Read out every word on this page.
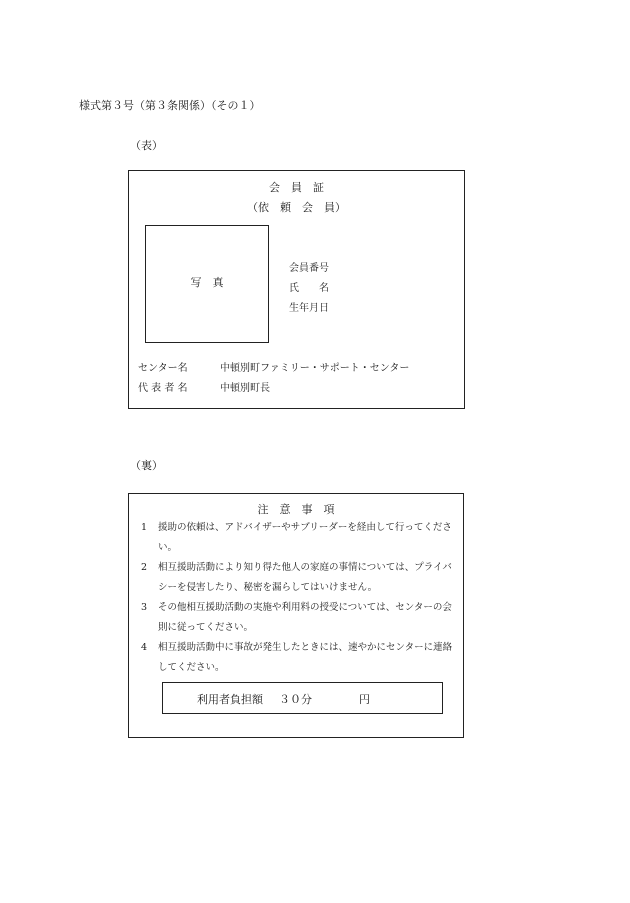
様式第３号（第３条関係）（その１）
（表）
会　員　証
（依　頼　会　員）
写　真
会員番号
氏　　名
生年月日
センター名	中頓別町ファミリー・サポート・センター
代 表 者 名	中頓別町長
（裏）
注　意　事　項
1	援助の依頼は、アドバイザーやサブリーダーを経由して行ってください。
2	相互援助活動により知り得た他人の家庭の事情については、プライバシーを侵害したり、秘密を漏らしてはいけません。
3	その他相互援助活動の実施や利用料の授受については、センターの会則に従ってください。
4	相互援助活動中に事故が発生したときには、速やかにセンターに連絡してください。
利用者負担額 ３０分	円
